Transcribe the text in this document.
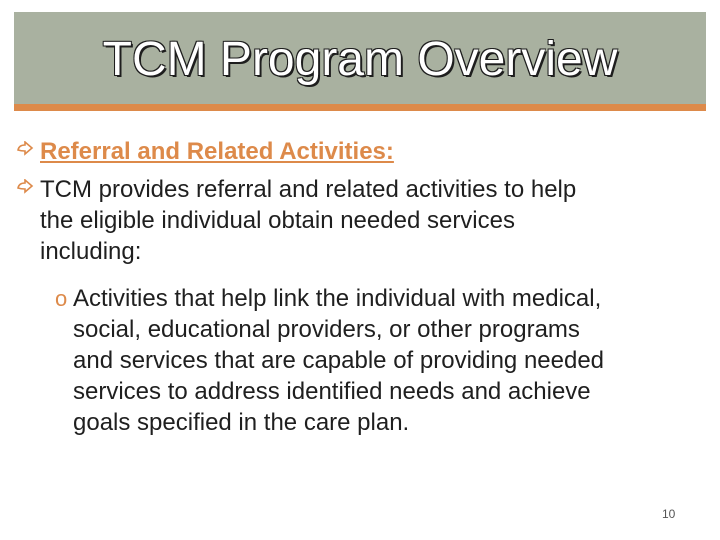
TCM Program Overview
Referral and Related Activities:
TCM provides referral and related activities to help
the eligible individual obtain needed services
including:
o Activities that help link the individual with medical,
social, educational providers, or other programs
and services that are capable of providing needed
services to address identified needs and achieve
goals specified in the care plan.
10
